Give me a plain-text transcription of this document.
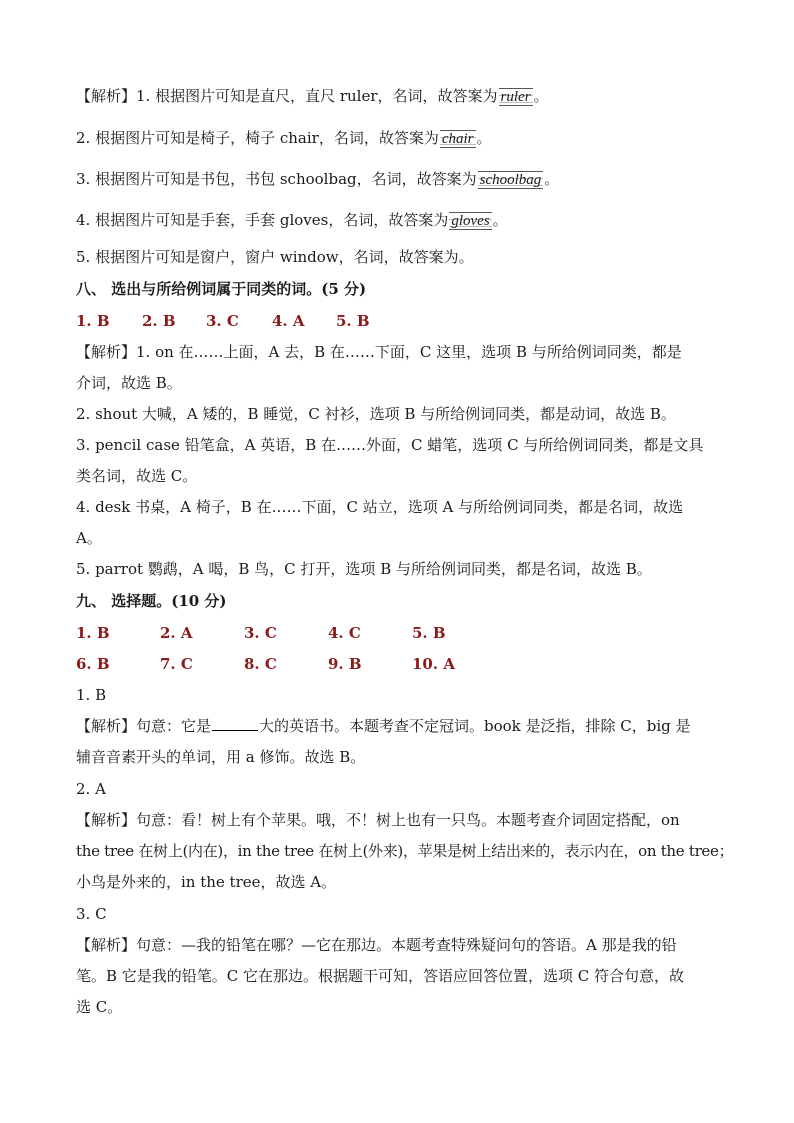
【解析】1. 根据图片可知是直尺，直尺 ruler，名词，故答案为 ruler 。
2. 根据图片可知是椅子，椅子 chair，名词，故答案为 chair 。
3. 根据图片可知是书包，书包 schoolbag，名词，故答案为 schoolbag 。
4. 根据图片可知是手套，手套 gloves，名词，故答案为 gloves 。
5. 根据图片可知是窗户，窗户 window，名词，故答案为。
八、 选出与所给例词属于同类的词。(5 分)
1. B 2. B 3. C 4. A 5. B
【解析】1. on 在……上面，A 去，B 在……下面，C 这里，选项 B 与所给例词同类，都是
介词，故选 B。
2. shout 大喊，A 矮的，B 睡觉，C 衬衫，选项 B 与所给例词同类，都是动词，故选 B。
3. pencil case 铅笔盒，A 英语，B 在……外面，C 蜡笔，选项 C 与所给例词同类，都是文具
类名词，故选 C。
4. desk 书桌，A 椅子，B 在……下面，C 站立，选项 A 与所给例词同类，都是名词，故选
A。
5. parrot 鹦鹉，A 喝，B 鸟，C 打开，选项 B 与所给例词同类，都是名词，故选 B。
九、 选择题。(10 分)
1. B	2. A	3. C	4. C	5. B
6. B	7. C	8. C	9. B	10. A
1. B
【解析】句意：它是	大的英语书。本题考查不定冠词。book 是泛指，排除 C，big 是
辅音音素开头的单词，用 a 修饰。故选 B。
2. A
【解析】句意：看！树上有个苹果。哦，不！树上也有一只鸟。本题考查介词固定搭配，on
the tree 在树上(内在)，in the tree 在树上(外来)，苹果是树上结出来的，表示内在，on the tree；
小鸟是外来的，in the tree，故选 A。
3. C
【解析】句意：—我的铅笔在哪？—它在那边。本题考查特殊疑问句的答语。A 那是我的铅
笔。B 它是我的铅笔。C 它在那边。根据题干可知，答语应回答位置，选项 C 符合句意，故
选 C。
